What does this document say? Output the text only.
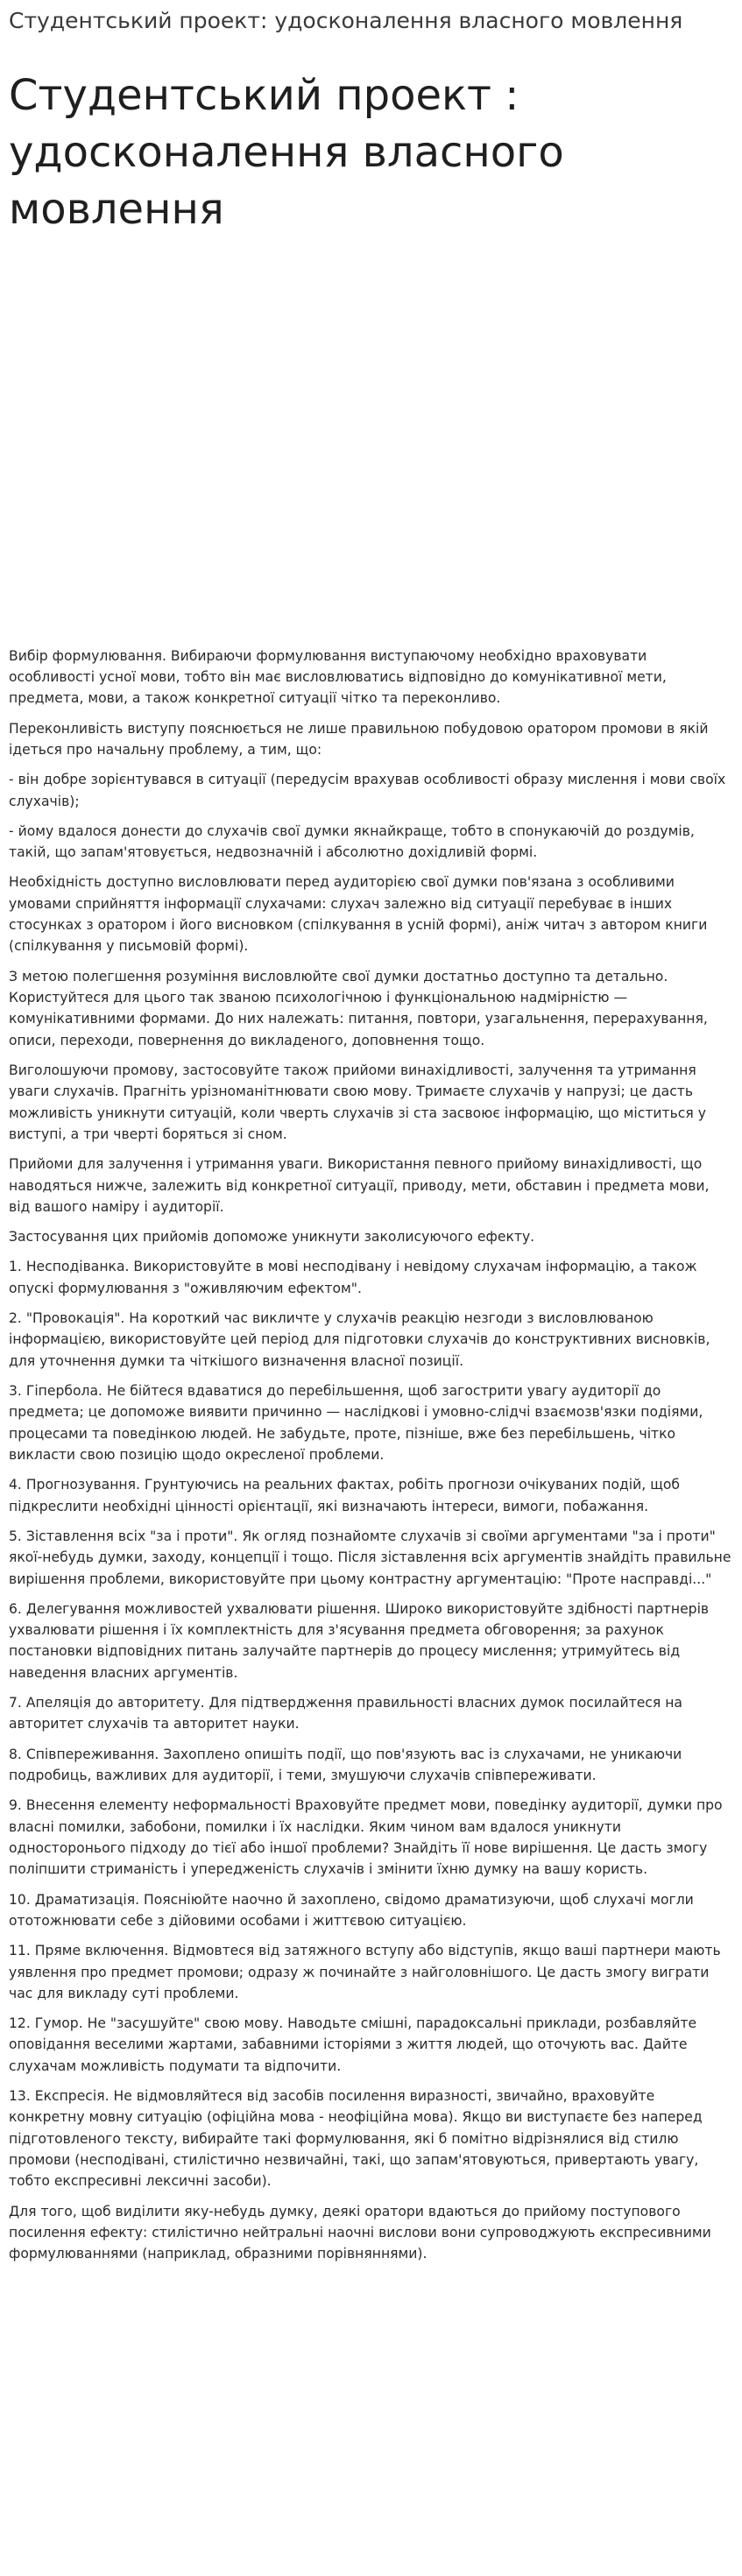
Студентський проект: удосконалення власного мовлення
Студентський проект : удосконалення власного мовлення

Вибір формулювання. Вибираючи формулювання виступаючому необхідно враховувати особливості усної мови, тобто він має висловлюватись відповідно до комунікативної мети, предмета, мови, а також конкретної ситуації чітко та переконливо.

Переконливість виступу пояснюється не лише правильною побудовою оратором промови в якій ідеться про начальну проблему, а тим, що:

- він добре зорієнтувався в ситуації (передусім врахував особливості образу мислення і мови своїх слухачів);

- йому вдалося донести до слухачів свої думки якнайкраще, тобто в спонукаючій до роздумів, такій, що запам'ятовується, недвозначній і абсолютно дохідливій формі.

Необхідність доступно висловлювати перед аудиторією свої думки пов'язана з особливими умовами сприйняття інформації слухачами: слухач залежно від ситуації перебуває в інших стосунках з оратором і його висновком (спілкування в усній формі), аніж читач з автором книги (спілкування у письмовій формі).

З метою полегшення розуміння висловлюйте свої думки достатньо доступно та детально. Користуйтеся для цього так званою психологічною і функціональною надмірністю — комунікативними формами. До них належать: питання, повтори, узагальнення, перерахування, описи, переходи, повернення до викладеного, доповнення тощо.

Виголошуючи промову, застосовуйте також прийоми винахідливості, залучення та утримання уваги слухачів. Прагніть урізноманітнювати свою мову. Тримаєте слухачів у напрузі; це дасть можливість уникнути ситуацій, коли чверть слухачів зі ста засвоює інформацію, що міститься у виступі, а три чверті боряться зі сном.

Прийоми для залучення і утримання уваги. Використання певного прийому винахідливості, що наводяться нижче, залежить від конкретної ситуації, приводу, мети, обставин і предмета мови, від вашого наміру і аудиторії.

Застосування цих прийомів допоможе уникнути заколисуючого ефекту.

1. Несподіванка. Використовуйте в мові несподівану і невідому слухачам інформацію, а також опускі формулювання з "оживляючим ефектом".

2. "Провокація". На короткий час викличте у слухачів реакцію незгоди з висловлюваною інформацією, використовуйте цей період для підготовки слухачів до конструктивних висновків, для уточнення думки та чіткішого визначення власної позиції.

3. Гіпербола. Не бійтеся вдаватися до перебільшення, щоб загострити увагу аудиторії до предмета; це допоможе виявити причинно — наслідкові і умовно-слідчі взаємозв'язки подіями, процесами та поведінкою людей. Не забудьте, проте, пізніше, вже без перебільшень, чітко викласти свою позицію щодо окресленої проблеми.

4. Прогнозування. Грунтуючись на реальних фактах, робіть прогнози очікуваних подій, щоб підкреслити необхідні цінності орієнтації, які визначають інтереси, вимоги, побажання.

5. Зіставлення всіх "за і проти". Як огляд познайомте слухачів зі своїми аргументами "за і проти" якої-небудь думки, заходу, концепції і тощо. Після зіставлення всіх аргументів знайдіть правильне вирішення проблеми, використовуйте при цьому контрастну аргументацію: "Проте насправді..."

6. Делегування можливостей ухвалювати рішення. Широко використовуйте здібності партнерів ухвалювати рішення і їх комплектність для з'ясування предмета обговорення; за рахунок постановки відповідних питань залучайте партнерів до процесу мислення; утримуйтесь від наведення власних аргументів.

7. Апеляція до авторитету. Для підтвердження правильності власних думок посилайтеся на авторитет слухачів та авторитет науки.

8. Співпереживання. Захоплено опишіть події, що пов'язують вас із слухачами, не уникаючи подробиць, важливих для аудиторії, і теми, змушуючи слухачів співпереживати.

9. Внесення елементу неформальності Враховуйте предмет мови, поведінку аудиторії, думки про власні помилки, забобони, помилки і їх наслідки. Яким чином вам вдалося уникнути односторонього підходу до тієї або іншої проблеми? Знайдіть її нове вирішення. Це дасть змогу поліпшити стриманість і упередженість слухачів і змінити їхню думку на вашу користь.

10. Драматизація. Поясніюйте наочно й захоплено, свідомо драматизуючи, щоб слухачі могли ототожнювати себе з дійовими особами і життєвою ситуацією.

11. Пряме включення. Відмовтеся від затяжного вступу або відступів, якщо ваші партнери мають уявлення про предмет промови; одразу ж починайте з найголовнішого. Це дасть змогу виграти час для викладу суті проблеми.

12. Гумор. Не "засушуйте" свою мову. Наводьте смішні, парадоксальні приклади, розбавляйте оповідання веселими жартами, забавними історіями з життя людей, що оточують вас. Дайте слухачам можливість подумати та відпочити.

13. Експресія. Не відмовляйтеся від засобів посилення виразності, звичайно, враховуйте конкретну мовну ситуацію (офіційна мова - неофіційна мова). Якщо ви виступаєте без наперед підготовленого тексту, вибирайте такі формулювання, які б помітно відрізнялися від стилю промови (несподівані, стилістично незвичайні, такі, що запам'ятовуються, привертають увагу, тобто експресивні лексичні засоби).

Для того, щоб виділити яку-небудь думку, деякі оратори вдаються до прийому поступового посилення ефекту: стилістично нейтральні наочні вислови вони супроводжують експресивними формулюваннями (наприклад, образними порівняннями).
